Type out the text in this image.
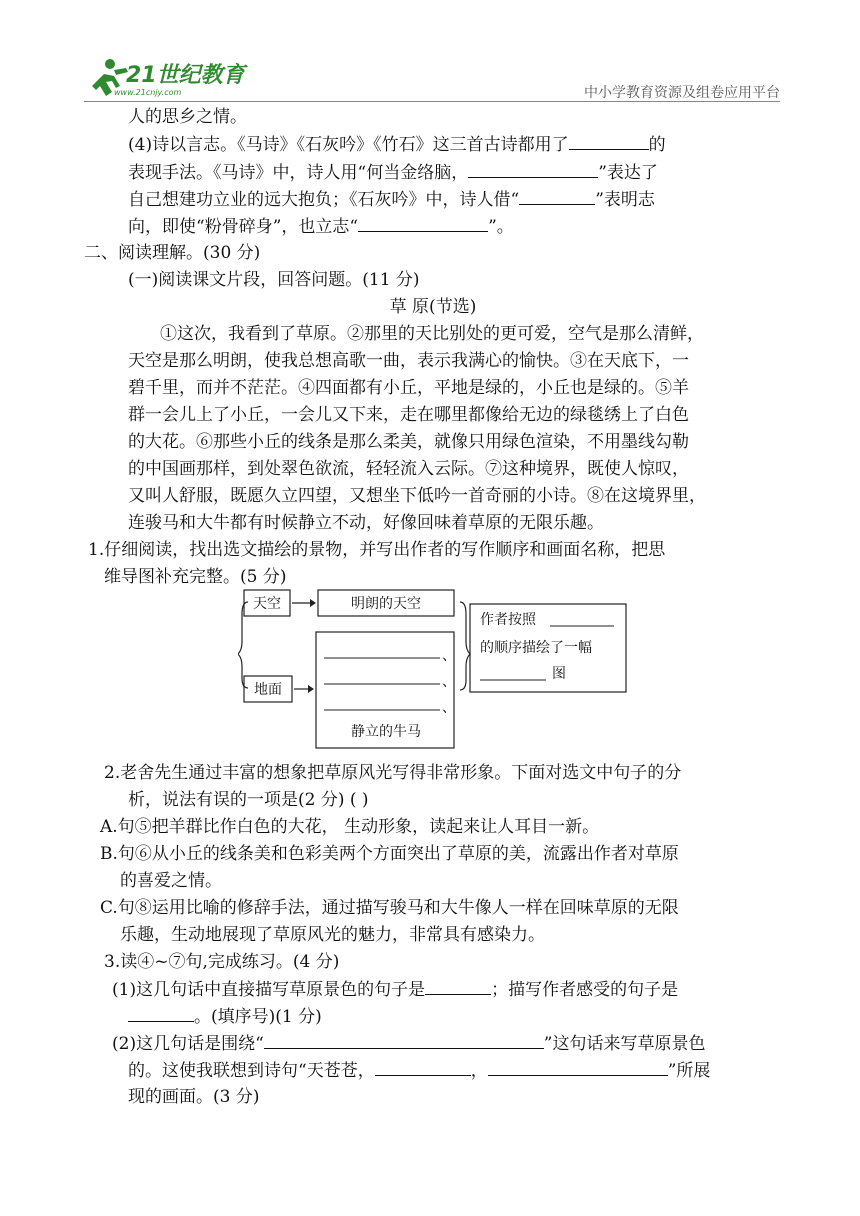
21世纪教育
www.21cnjy.com	中小学教育资源及组卷应用平台
人的思乡之情。
(4)诗以言志。《马诗》《石灰吟》《竹石》这三首古诗都用了	的
表现手法。《马诗》中，诗人用“何当金络脑，	”表达了
自己想建功立业的远大抱负；《石灰吟》中，诗人借“	”表明志
向，即使“粉骨碎身”，也立志“	”。
二、阅读理解。(30 分)
(一)阅读课文片段，回答问题。(11 分)
草 原(节选)
①这次，我看到了草原。②那里的天比别处的更可爱，空气是那么清鲜，
天空是那么明朗，使我总想高歌一曲，表示我满心的愉快。③在天底下，一
碧千里，而并不茫茫。④四面都有小丘，平地是绿的，小丘也是绿的。⑤羊
群一会儿上了小丘，一会儿又下来，走在哪里都像给无边的绿毯绣上了白色
的大花。⑥那些小丘的线条是那么柔美，就像只用绿色渲染，不用墨线勾勒
的中国画那样，到处翠色欲流，轻轻流入云际。⑦这种境界，既使人惊叹，
又叫人舒服，既愿久立四望，又想坐下低吟一首奇丽的小诗。⑧在这境界里，
连骏马和大牛都有时候静立不动，好像回味着草原的无限乐趣。
1.仔细阅读，找出选文描绘的景物，并写出作者的写作顺序和画面名称，把思
维导图补充完整。(5 分)
天空	明朗的天空
地面
、
、
、
静立的牛马
作者按照
的顺序描绘了一幅
图
2.老舍先生通过丰富的想象把草原风光写得非常形象。下面对选文中句子的分
析，说法有误的一项是(2 分) ( )
A.句⑤把羊群比作白色的大花， 生动形象，读起来让人耳目一新。
B.句⑥从小丘的线条美和色彩美两个方面突出了草原的美，流露出作者对草原
的喜爱之情。
C.句⑧运用比喻的修辞手法，通过描写骏马和大牛像人一样在回味草原的无限
乐趣，生动地展现了草原风光的魅力，非常具有感染力。
3.读④~⑦句,完成练习。(4 分)
(1)这几句话中直接描写草原景色的句子是	；描写作者感受的句子是
。(填序号)(1 分)
(2)这几句话是围绕“	”这句话来写草原景色
的。这使我联想到诗句“天苍苍，	，	”所展
现的画面。(3 分)
